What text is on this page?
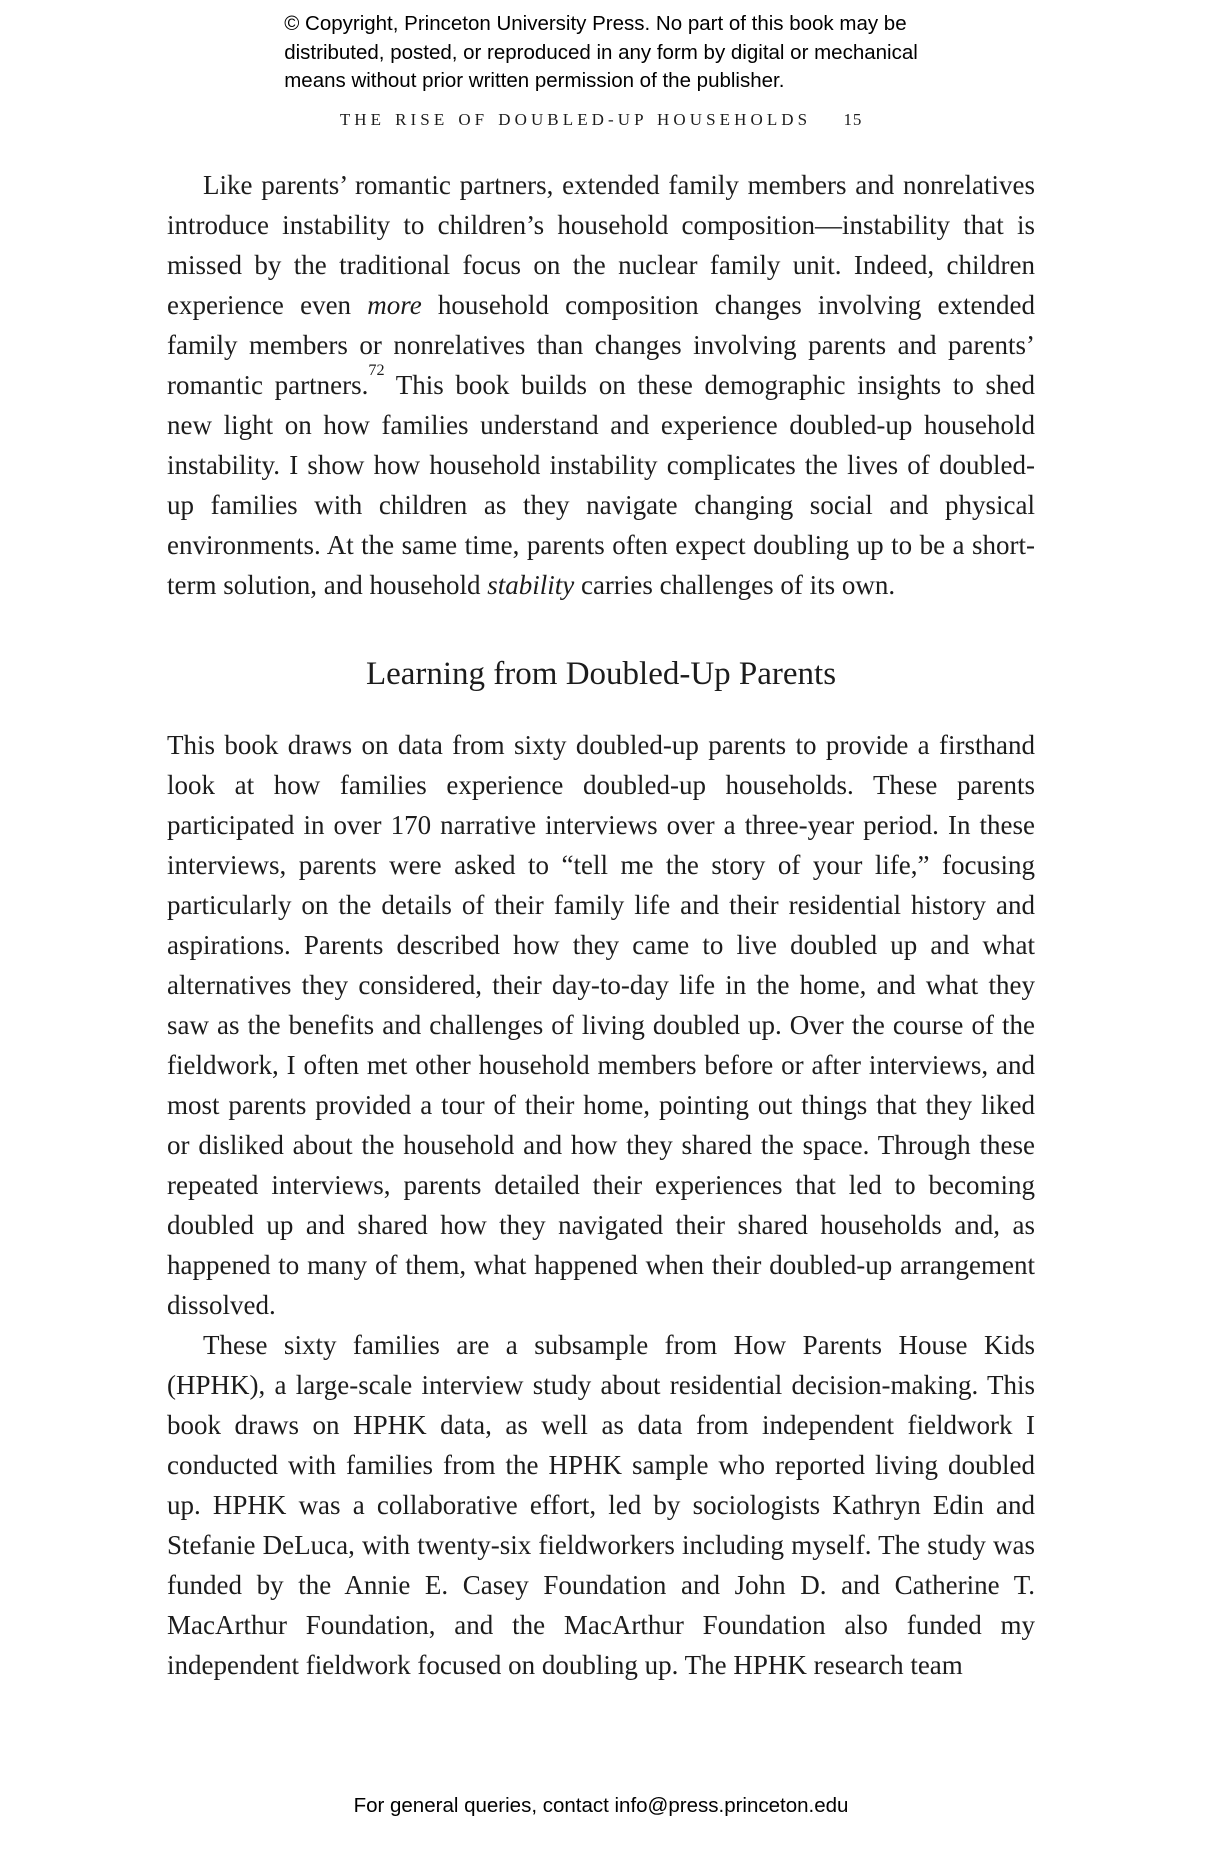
© Copyright, Princeton University Press. No part of this book may be
distributed, posted, or reproduced in any form by digital or mechanical
means without prior written permission of the publisher.
THE RISE OF DOUBLED-UP HOUSEHOLDS 15

Like parents’ romantic partners, extended family members and nonrelatives introduce instability to children’s household composition—instability that is missed by the traditional focus on the nuclear family unit. Indeed, children experience even more household composition changes involving extended family members or nonrelatives than changes involving parents and parents’ romantic partners.$^{72}$ This book builds on these demographic insights to shed new light on how families understand and experience doubled-up household instability. I show how household instability complicates the lives of doubled-up families with children as they navigate changing social and physical environments. At the same time, parents often expect doubling up to be a short-term solution, and household stability carries challenges of its own.

Learning from Doubled-Up Parents

This book draws on data from sixty doubled-up parents to provide a firsthand look at how families experience doubled-up households. These parents participated in over 170 narrative interviews over a three-year period. In these interviews, parents were asked to “tell me the story of your life,” focusing particularly on the details of their family life and their residential history and aspirations. Parents described how they came to live doubled up and what alternatives they considered, their day-to-day life in the home, and what they saw as the benefits and challenges of living doubled up. Over the course of the fieldwork, I often met other household members before or after interviews, and most parents provided a tour of their home, pointing out things that they liked or disliked about the household and how they shared the space. Through these repeated interviews, parents detailed their experiences that led to becoming doubled up and shared how they navigated their shared households and, as happened to many of them, what happened when their doubled-up arrangement dissolved.

These sixty families are a subsample from How Parents House Kids (HPHK), a large-scale interview study about residential decision-making. This book draws on HPHK data, as well as data from independent fieldwork I conducted with families from the HPHK sample who reported living doubled up. HPHK was a collaborative effort, led by sociologists Kathryn Edin and Stefanie DeLuca, with twenty-six fieldworkers including myself. The study was funded by the Annie E. Casey Foundation and John D. and Catherine T. MacArthur Foundation, and the MacArthur Foundation also funded my independent fieldwork focused on doubling up. The HPHK research team

For general queries, contact info@press.princeton.edu
